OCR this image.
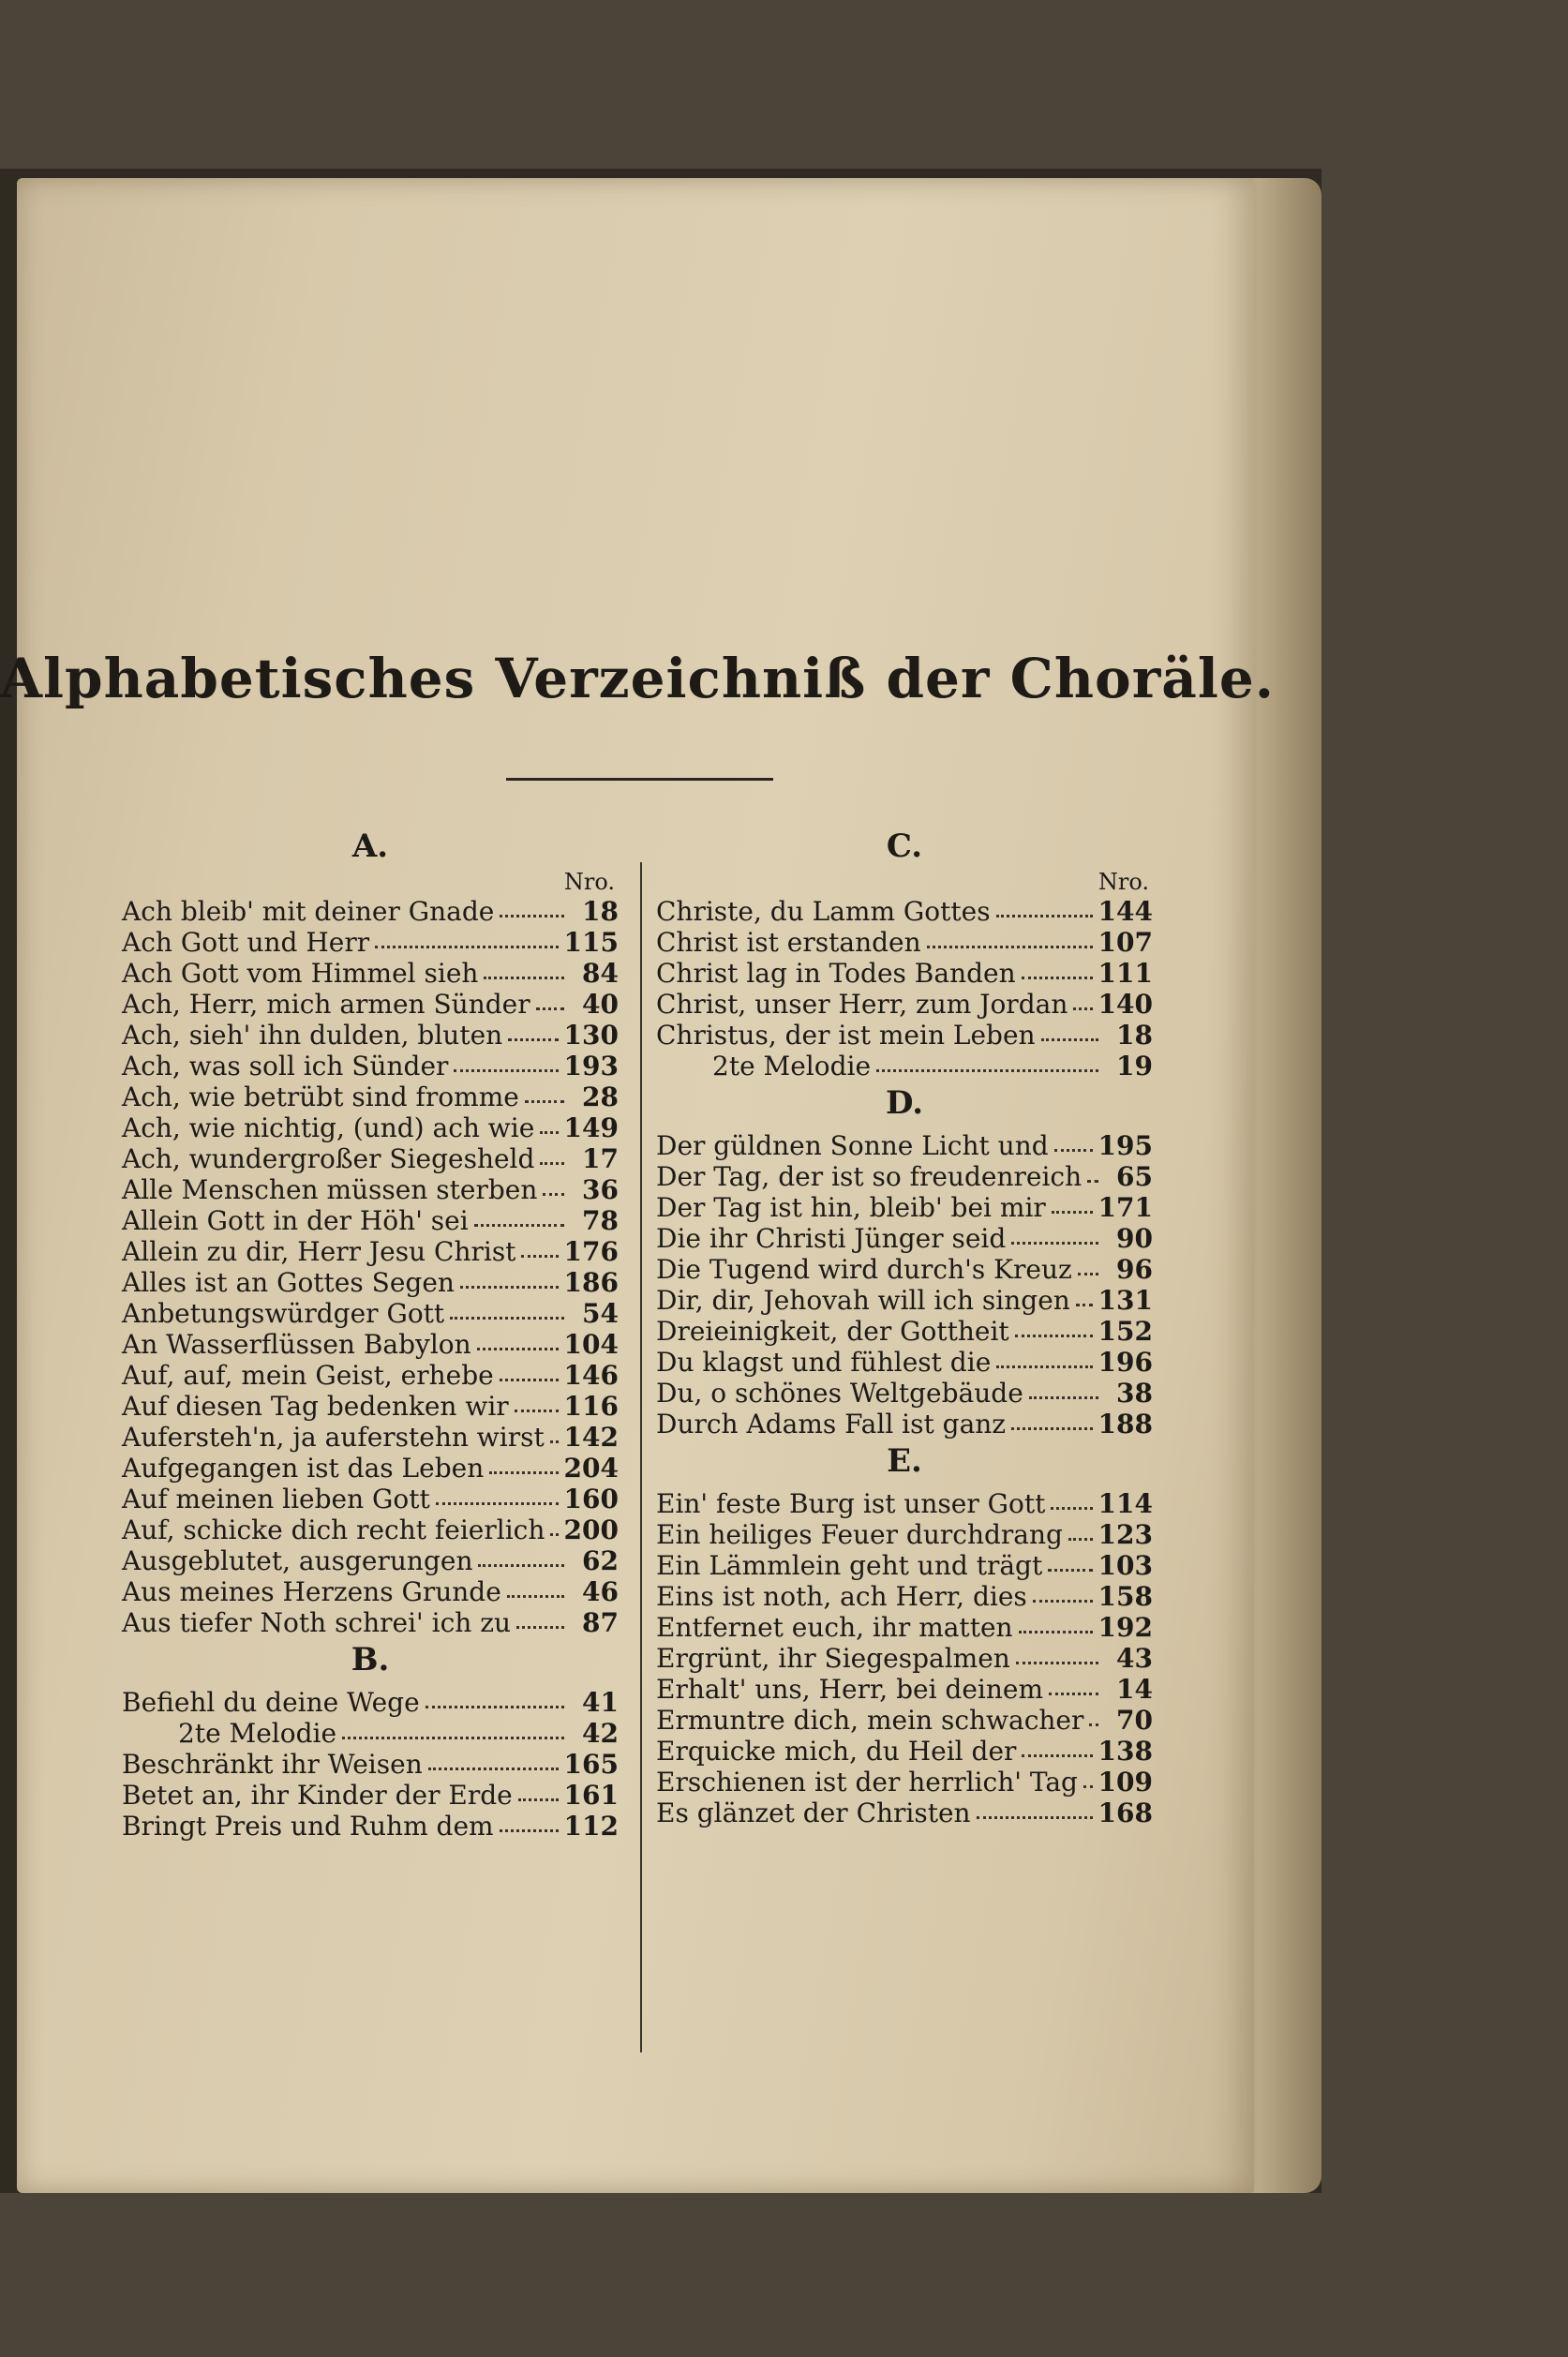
Alphabetisches Verzeichniß der Choräle.
A.
Nro.
Ach bleib' mit deiner Gnade	18
Ach Gott und Herr	115
Ach Gott vom Himmel sieh	84
Ach, Herr, mich armen Sünder	40
Ach, sieh' ihn dulden, bluten 130
Ach, was soll ich Sünder	193
Ach, wie betrübt sind fromme	28
Ach, wie nichtig, (und) ach wie 149
Ach, wundergroßer Siegesheld	17
Alle Menschen müssen sterben	36
Allein Gott in der Höh' sei	78
Allein zu dir, Herr Jesu Christ 176
Alles ist an Gottes Segen	186
Anbetungswürdger Gott	54
An Wasserflüssen Babylon	104
Auf, auf, mein Geist, erhebe	146
Auf diesen Tag bedenken wir 116
Aufersteh'n, ja auferstehn wirst 142
Aufgegangen ist das Leben	204
Auf meinen lieben Gott	160
Auf, schicke dich recht feierlich 200
Ausgeblutet, ausgerungen	62
Aus meines Herzens Grunde	46
Aus tiefer Noth schrei' ich zu	87
B.
Befiehl du deine Wege	41
2te Melodie	42
Beschränkt ihr Weisen	165
Betet an, ihr Kinder der Erde 161
Bringt Preis und Ruhm dem	112
C.
Nro.
Christe, du Lamm Gottes	144
Christ ist erstanden	107
Christ lag in Todes Banden	111
Christ, unser Herr, zum Jordan 140
Christus, der ist mein Leben	18
2te Melodie	19
D.
Der güldnen Sonne Licht und 195
Der Tag, der ist so freudenreich	65
Der Tag ist hin, bleib' bei mir 171
Die ihr Christi Jünger seid	90
Die Tugend wird durch's Kreuz	96
Dir, dir, Jehovah will ich singen 131
Dreieinigkeit, der Gottheit	152
Du klagst und fühlest die	196
Du, o schönes Weltgebäude	38
Durch Adams Fall ist ganz	188
E.
Ein' feste Burg ist unser Gott 114
Ein heiliges Feuer durchdrang 123
Ein Lämmlein geht und trägt 103
Eins ist noth, ach Herr, dies	158
Entfernet euch, ihr matten	192
Ergrünt, ihr Siegespalmen	43
Erhalt' uns, Herr, bei deinem	14
Ermuntre dich, mein schwacher	70
Erquicke mich, du Heil der	138
Erschienen ist der herrlich' Tag 109
Es glänzet der Christen	168
